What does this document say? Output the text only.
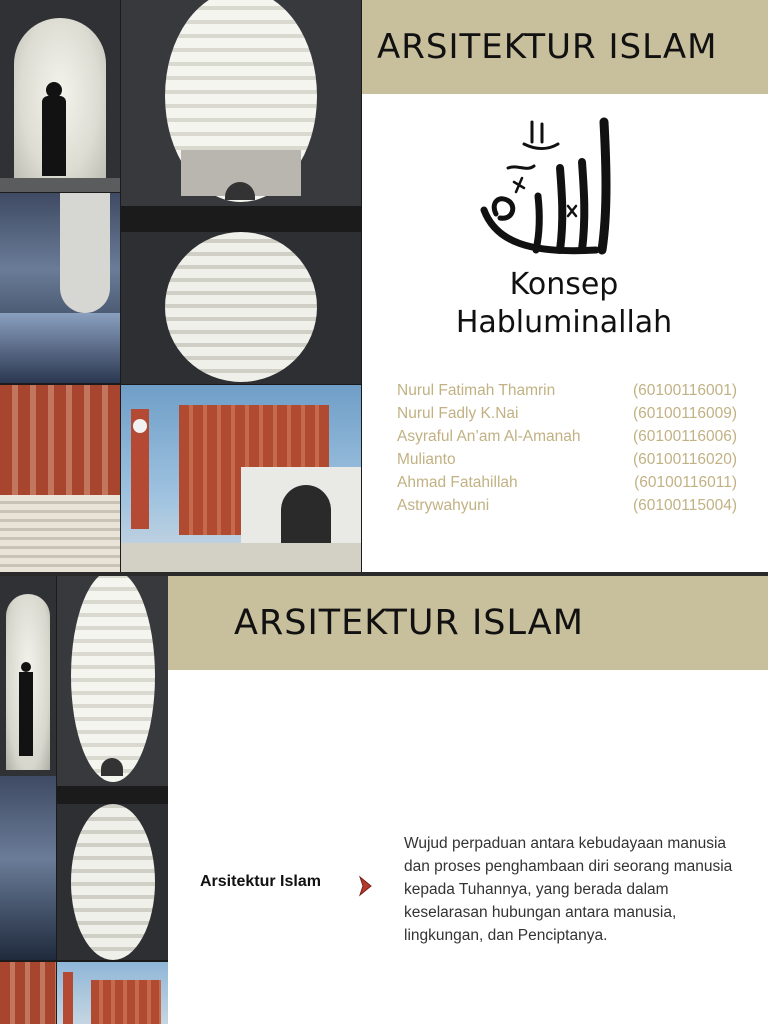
ARSITEKTUR ISLAM
Konsep
Habluminallah
Nurul Fatimah Thamrin	(60100116001)
Nurul Fadly K.Nai	(60100116009)
Asyraful An’am Al-Amanah	(60100116006)
Mulianto	(60100116020)
Ahmad Fatahillah	(60100116011)
Astrywahyuni	(60100115004)
ARSITEKTUR ISLAM
Arsitektur Islam
Wujud perpaduan antara kebudayaan manusia dan proses penghambaan diri seorang manusia kepada Tuhannya, yang berada dalam keselarasan hubungan antara manusia, lingkungan, dan Penciptanya.
